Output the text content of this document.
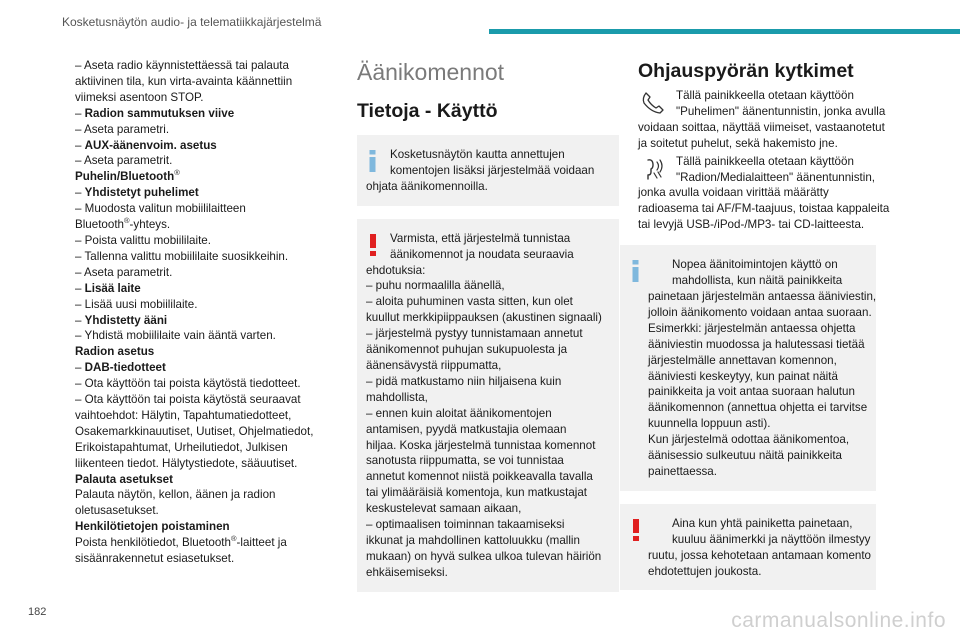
Kosketusnäytön audio- ja telematiikkajärjestelmä
– Aseta radio käynnistettäessä tai palauta
aktiivinen tila, kun virta-avainta käännettiin
viimeksi asentoon STOP.
– Radion sammutuksen viive
– Aseta parametri.
– AUX-äänenvoim. asetus
– Aseta parametrit.
Puhelin/Bluetooth®
– Yhdistetyt puhelimet
– Muodosta valitun mobiililaitteen
Bluetooth®-yhteys.
– Poista valittu mobiililaite.
– Tallenna valittu mobiililaite suosikkeihin.
– Aseta parametrit.
– Lisää laite
– Lisää uusi mobiililaite.
– Yhdistetty ääni
– Yhdistä mobiililaite vain ääntä varten.
Radion asetus
– DAB-tiedotteet
– Ota käyttöön tai poista käytöstä tiedotteet.
– Ota käyttöön tai poista käytöstä seuraavat
vaihtoehdot: Hälytin, Tapahtumatiedotteet,
Osakemarkkinauutiset, Uutiset, Ohjelmatiedot,
Erikoistapahtumat, Urheilutiedot, Julkisen
liikenteen tiedot. Hälytystiedote, sääuutiset.
Palauta asetukset
Palauta näytön, kellon, äänen ja radion
oletusasetukset.
Henkilötietojen poistaminen
Poista henkilötiedot, Bluetooth®-laitteet ja
sisäänrakennetut esiasetukset.
Äänikomennot
Tietoja - Käyttö
Kosketusnäytön kautta annettujen
komentojen lisäksi järjestelmää voidaan
ohjata äänikomennoilla.
Varmista, että järjestelmä tunnistaa
äänikomennot ja noudata seuraavia
ehdotuksia:
– puhu normaalilla äänellä,
– aloita puhuminen vasta sitten, kun olet
kuullut merkkipiippauksen (akustinen signaali)
– järjestelmä pystyy tunnistamaan annetut
äänikomennot puhujan sukupuolesta ja
äänensävystä riippumatta,
– pidä matkustamo niin hiljaisena kuin
mahdollista,
– ennen kuin aloitat äänikomentojen
antamisen, pyydä matkustajia olemaan
hiljaa. Koska järjestelmä tunnistaa komennot
sanotusta riippumatta, se voi tunnistaa
annetut komennot niistä poikkeavalla tavalla
tai ylimääräisiä komentoja, kun matkustajat
keskustelevat samaan aikaan,
– optimaalisen toiminnan takaamiseksi
ikkunat ja mahdollinen kattoluukku (mallin
mukaan) on hyvä sulkea ulkoa tulevan häiriön
ehkäisemiseksi.
Ohjauspyörän kytkimet
Tällä painikkeella otetaan käyttöön
"Puhelimen" äänentunnistin, jonka avulla
voidaan soittaa, näyttää viimeiset, vastaanotetut
ja soitetut puhelut, sekä hakemisto jne.
Tällä painikkeella otetaan käyttöön
"Radion/Medialaitteen" äänentunnistin,
jonka avulla voidaan virittää määrätty
radioasema tai AF/FM-taajuus, toistaa kappaleita
tai levyjä USB-/iPod-/MP3- tai CD-laitteesta.
Nopea äänitoimintojen käyttö on
mahdollista, kun näitä painikkeita
painetaan järjestelmän antaessa ääniviestin,
jolloin äänikomento voidaan antaa suoraan.
Esimerkki: järjestelmän antaessa ohjetta
ääniviestin muodossa ja halutessasi tietää
järjestelmälle annettavan komennon,
ääniviesti keskeytyy, kun painat näitä
painikkeita ja voit antaa suoraan halutun
äänikomennon (annettua ohjetta ei tarvitse
kuunnella loppuun asti).
Kun järjestelmä odottaa äänikomentoa,
äänisessio sulkeutuu näitä painikkeita
painettaessa.
Aina kun yhtä painiketta painetaan,
kuuluu äänimerkki ja näyttöön ilmestyy
ruutu, jossa kehotetaan antamaan komento
ehdotettujen joukosta.
182	carmanualsonline.info
